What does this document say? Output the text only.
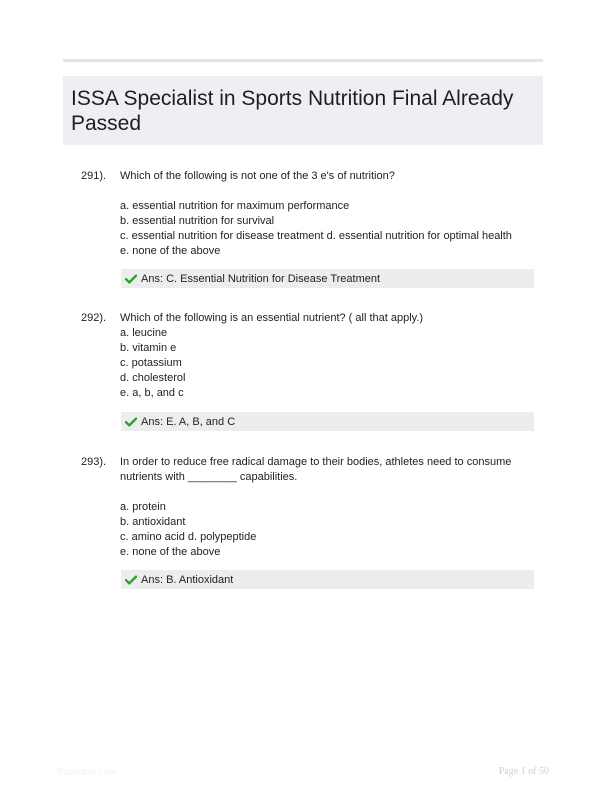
ISSA Specialist in Sports Nutrition Final Already Passed
291). Which of the following is not one of the 3 e's of nutrition?

a. essential nutrition for maximum performance
b. essential nutrition for survival
c. essential nutrition for disease treatment d. essential nutrition for optimal health
e. none of the above
Ans: C. Essential Nutrition for Disease Treatment
292). Which of the following is an essential nutrient? ( all that apply.)

a. leucine
b. vitamin e
c. potassium
d. cholesterol
e. a, b, and c
Ans: E. A, B, and C
293). In order to reduce free radical damage to their bodies, athletes need to consume nutrients with ________ capabilities.

a. protein
b. antioxidant
c. amino acid d. polypeptide
e. none of the above
Ans: B. Antioxidant
Paperlibic.com	Page 1 of 50
